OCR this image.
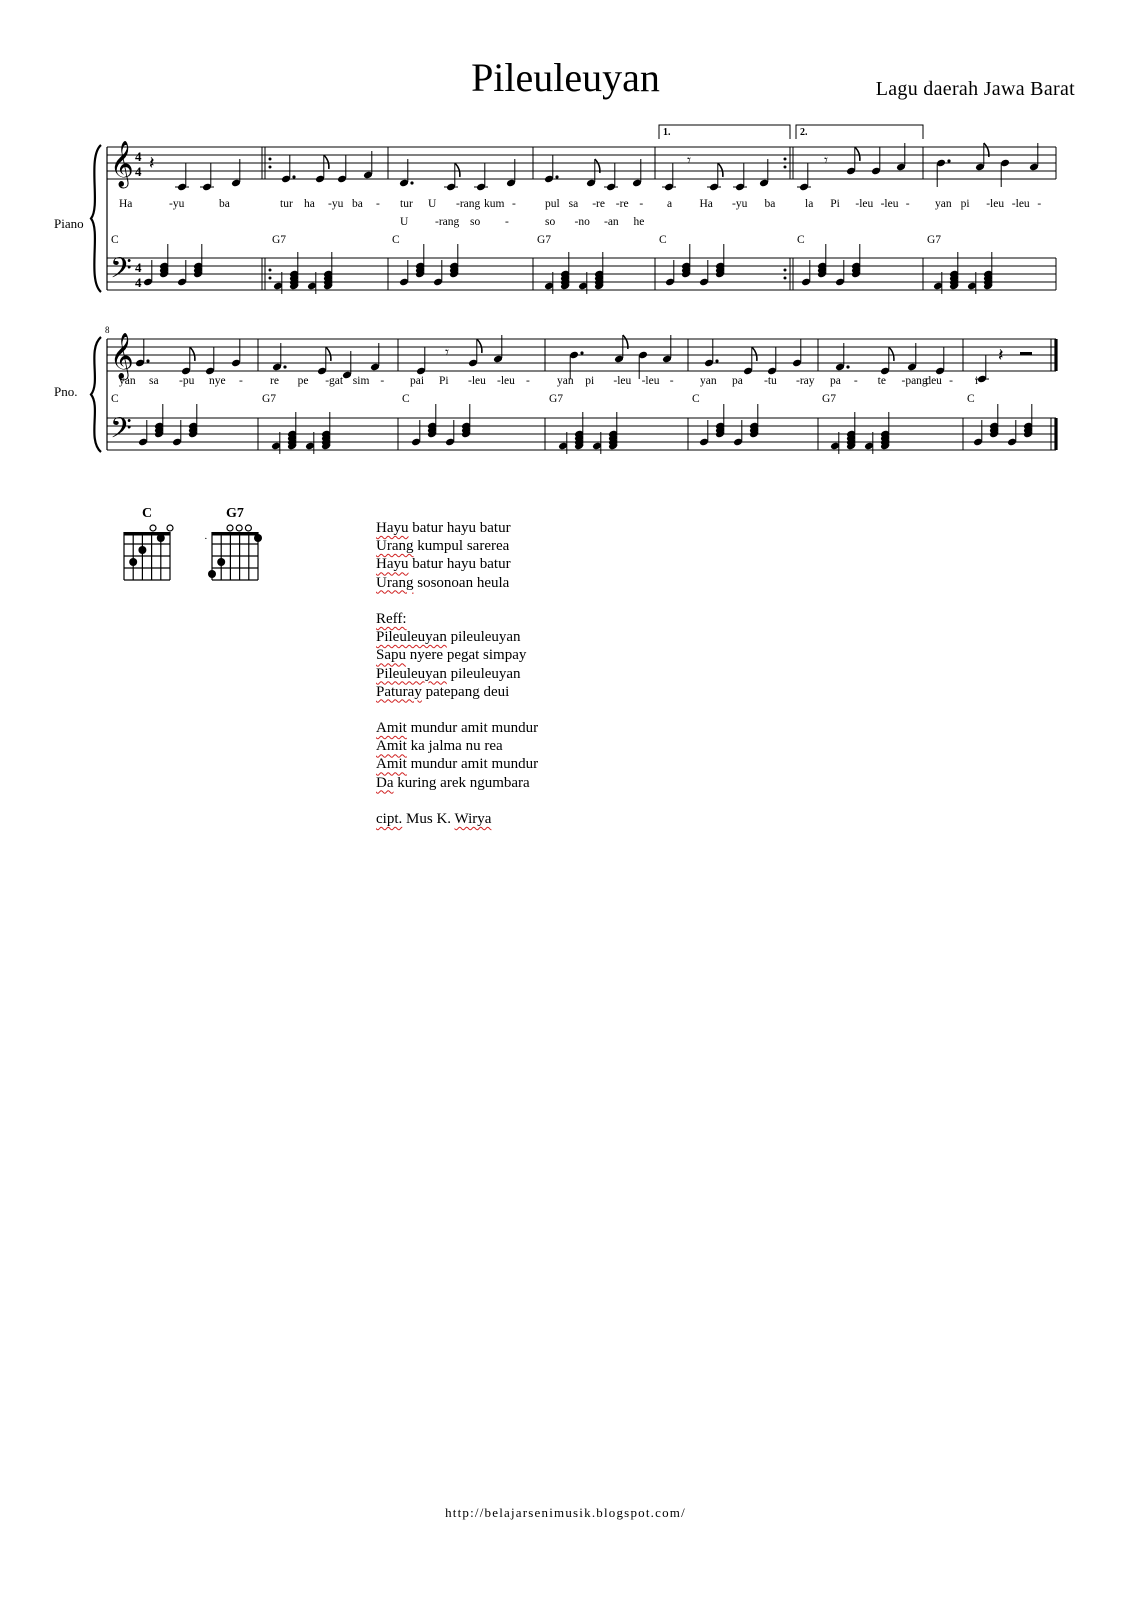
Pileuleuyan	Lagu daerah Jawa Barat
Piano
Pno.
𝄞
𝄢
4
4
4
4
1.	2.
𝄽	𝄾	𝄾
Ha	-yu	ba
C
tur ha -yu ba -
G7
tur U -rang kum -
U -rang so -
C
pul sa -re -re -
so -no -an he
G7
a Ha -yu ba
C
la Pi -leu -leu -
C
yan pi -leu -leu -
G7
𝄞
𝄢
8
𝄾	𝄽
yan sa -pu nye -
C
re pe -gat sim -
G7
pai Pi -leu -leu -
C
yan pi -leu -leu -
G7
yan pa -tu -ray
C
pa - te -pang
deu -
G7
i
C
C	G7
·
Hayu batur hayu batur
Urang kumpul sarerea
Hayu batur hayu batur
Urang sosonoan heula
Reff:
Pileuleuyan pileuleuyan
Sapu nyere pegat simpay
Pileuleuyan pileuleuyan
Paturay patepang deui
Amit mundur amit mundur
Amit ka jalma nu rea
Amit mundur amit mundur
Da kuring arek ngumbara
cipt. Mus K. Wirya
http://belajarsenimusik.blogspot.com/
